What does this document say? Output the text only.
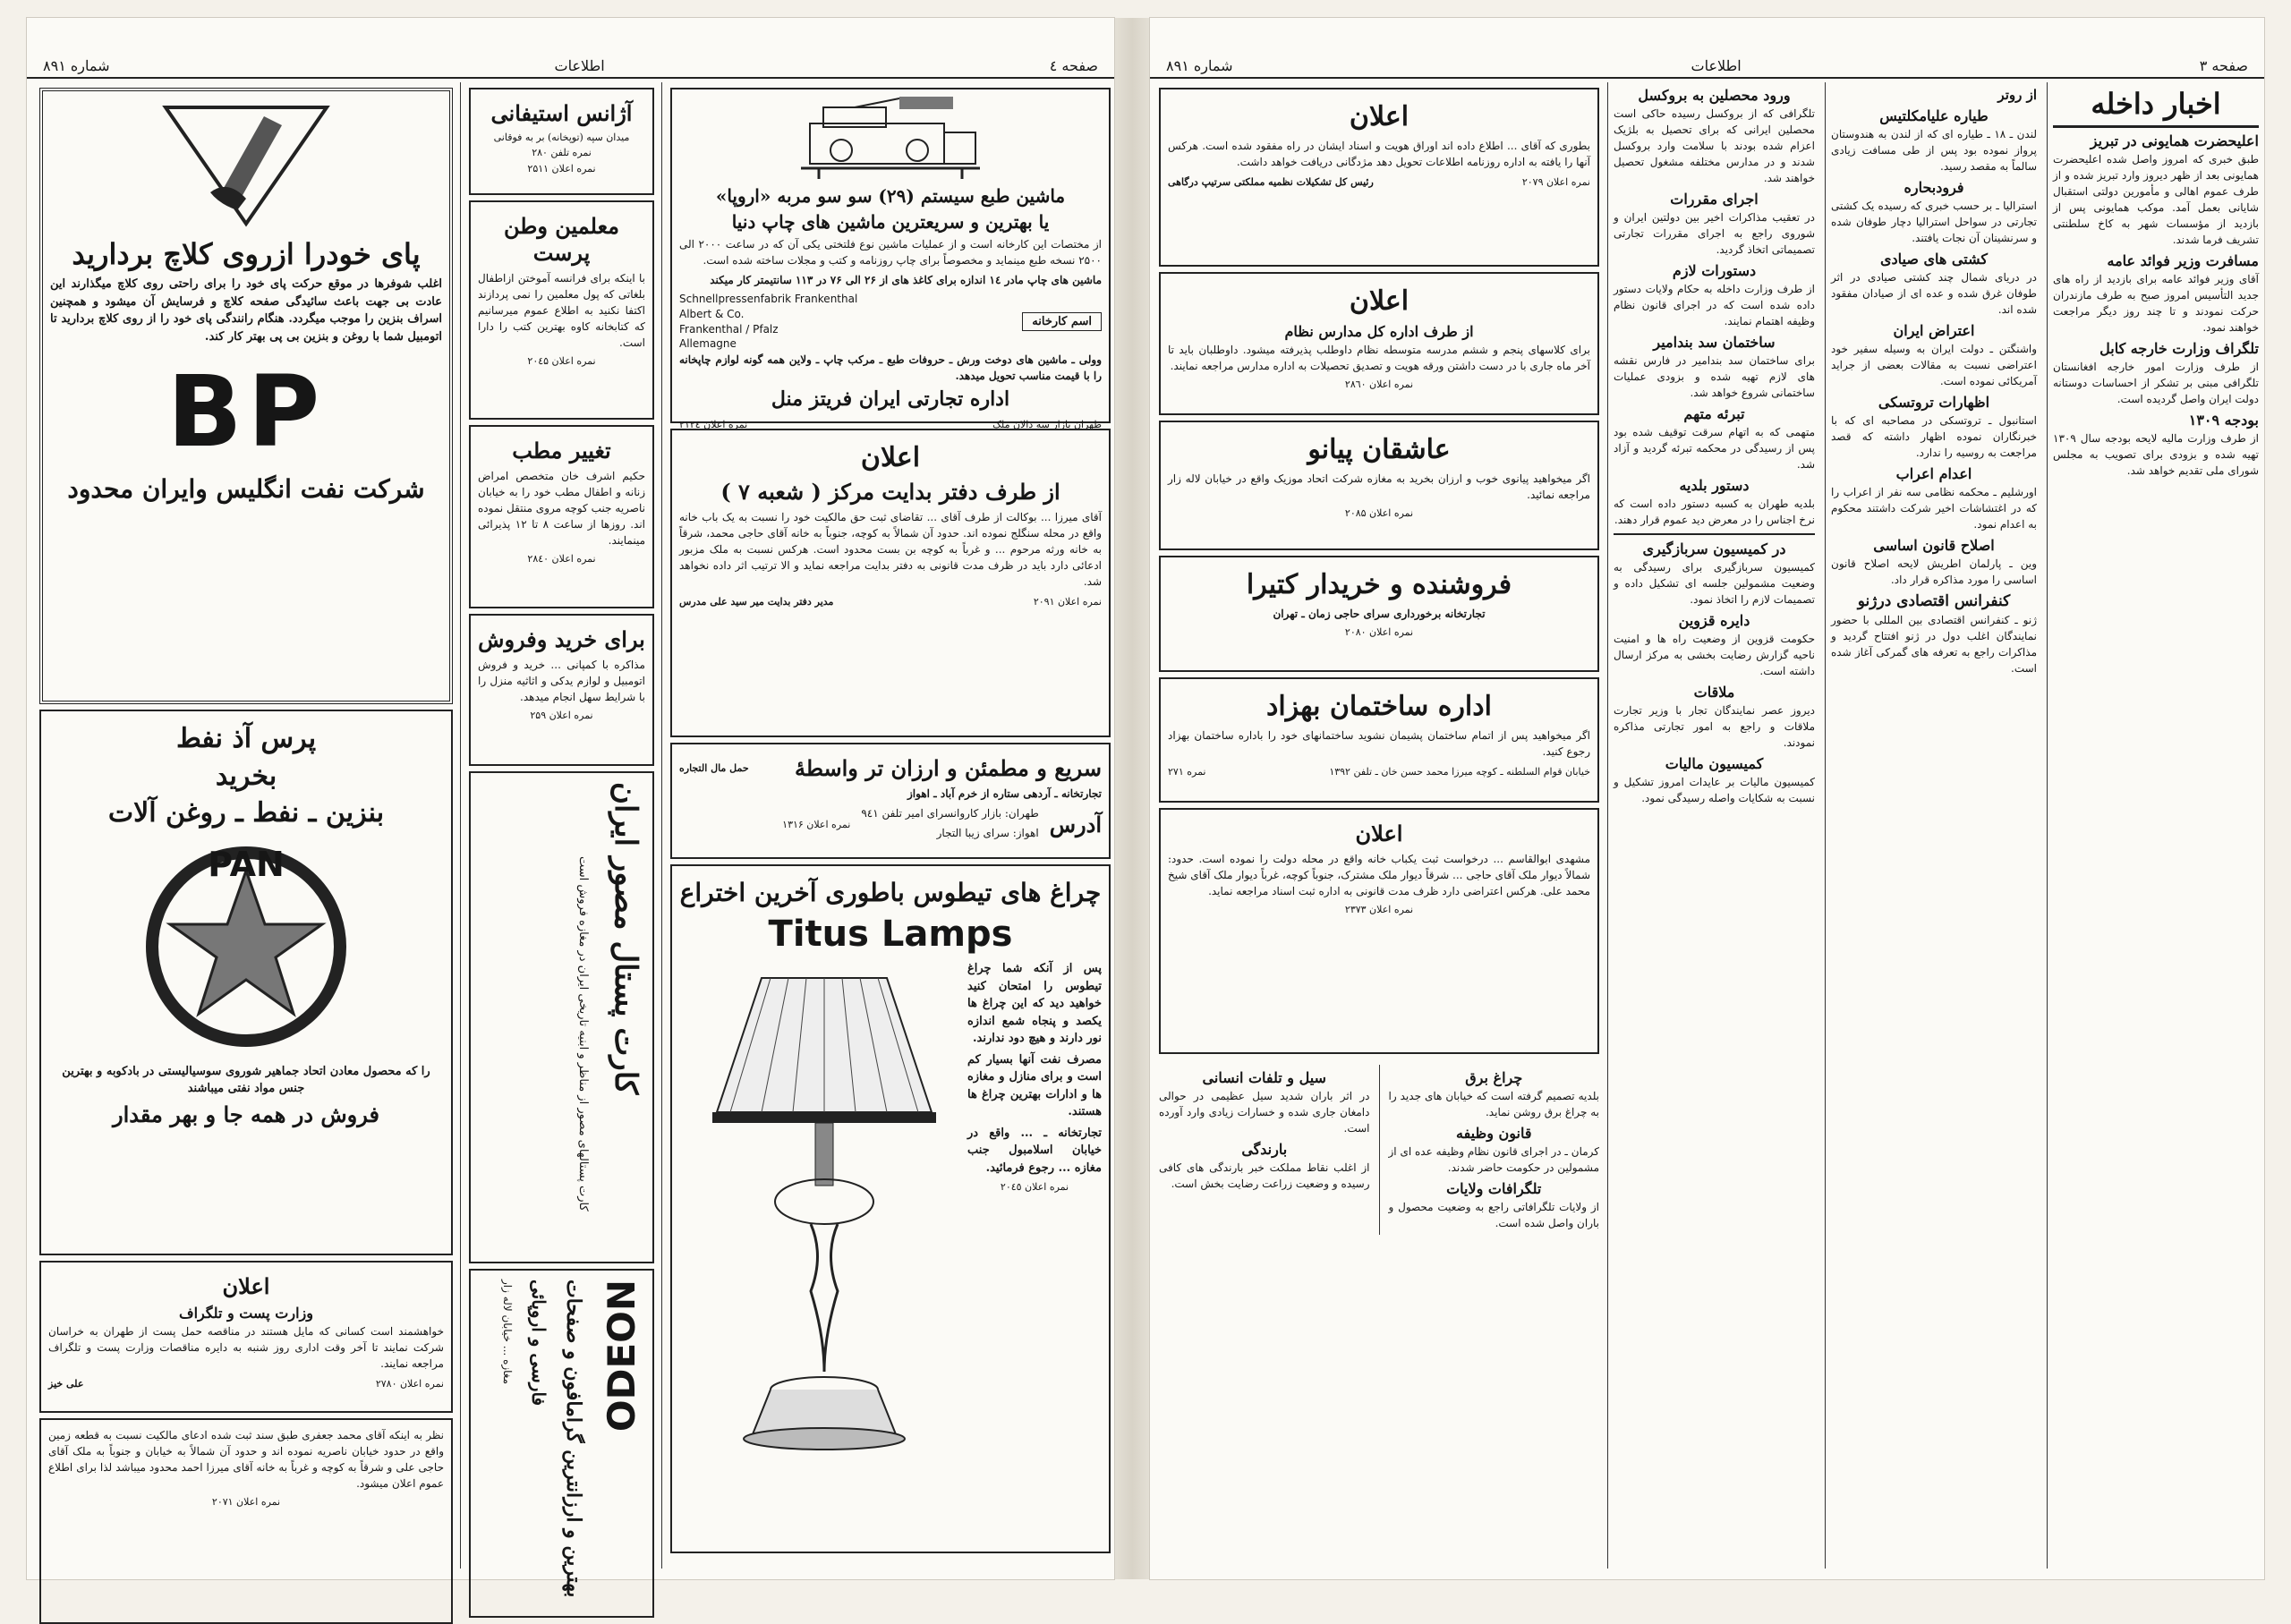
صفحه ٤
اطلاعات
شماره ۸۹۱
ماشین طبع سیستم (۲۹) سو سو مربه «اروپا»
یا بهترین و سریعترین ماشین های چاپ دنیا

از مختصات این کارخانه است و از عملیات ماشین نوع فلتختی یکی آن که در ساعت ۲۰۰۰ الی ۲۵۰۰ نسخه طبع مینماید و مخصوصاً برای چاپ روزنامه و کتب و مجلات ساخته شده است.

ماشین های چاپ مادر ۱٤ اندازه برای کاغذ های از ۲۶ الی ۷۶ در ۱۱۳ سانتیمتر کار میکند

اسم کارخانه
Schnellpressenfabrik Frankenthal
Albert & Co.
Frankenthal / Pfalz
Allemagne

وولی ـ ماشین های دوخت ورش ـ حروفات طبع ـ مرکب چاپ ـ ولاین همه گونه لوازم چاپخانه را با قیمت مناسب تحویل میدهد.

اداره تجارتی ایران فریتز منل
طهران بازار سه دالان ملک
نمره اعلان ۲۱۲٤
اعلان
از طرف دفتر بدایت مرکز ( شعبه ۷ )

آقای میرزا ... بوکالت از طرف آقای ... تقاضای ثبت حق مالکیت خود را نسبت به یک باب خانه واقع در محله سنگلج نموده اند. حدود آن شمالاً به کوچه، جنوباً به خانه آقای حاجی محمد، شرقاً به خانه ورثه مرحوم ... و غرباً به کوچه بن بست محدود است. هرکس نسبت به ملک مزبور ادعائی دارد باید در ظرف مدت قانونی به دفتر بدایت مراجعه نماید و الا ترتیب اثر داده نخواهد شد.

نمره اعلان ۲۰۹۱
مدیر دفتر بدایت میر سید علی مدرس
سریع و مطمئن و ارزان تر واسطهٔ
حمل مال التجاره

تجارتخانه ـ آردهی ستاره از خرم آباد ـ اهواز

آدرس
طهران: بازار کاروانسرای امیر تلفن ۹٤۱
اهواز: سرای زیبا التجار
نمره اعلان ۱۳۱۶
چراغ های تیطوس باطوری آخرین اختراع
Titus Lamps

پس از آنکه شما چراغ تیطوس را امتحان کنید خواهید دید که این چراغ ها یکصد و پنجاه شمع اندازه نور دارند و هیچ دود ندارند.

مصرف نفت آنها بسیار کم است و برای منازل و مغازه ها و ادارات بهترین چراغ ها هستند.

تجارتخانه ـ ... واقع در خیابان اسلامبول جنب مغازه ... رجوع فرمائید.

نمره اعلان ۲۰٤٥

آژانس استیفانی

میدان سپه (توپخانه) بر به فوقانی

نمره تلفن ۲۸۰

نمره اعلان ۲۵۱۱

معلمین وطن پرست

با اینکه برای فرانسه آموختن ازاطفال بلغاتی که پول معلمین را نمی پردازند اکتفا نکنید به اطلاع عموم میرسانیم که کتابخانه کاوه بهترین کتب را دارا است.

نمره اعلان ۲۰٤۵

تغییر مطب

حکیم اشرف خان متخصص امراض زنانه و اطفال مطب خود را به خیابان ناصریه جنب کوچه مروی منتقل نموده اند. روزها از ساعت ۸ تا ۱۲ پذیرائی مینمایند.

نمره اعلان ۲۸٤۰

برای خرید وفروش

مذاکره با کمپانی ... خرید و فروش اتومبیل و لوازم یدکی و اثاثیه منزل را با شرایط سهل انجام میدهد.

نمره اعلان ۲۵۹

کارت پستال مصور ایران
کارت پستالهای مصور از مناظر و ابنیه تاریخی ایران در مغازه فروش است
ODEON
بهترین و ارزانترین گرامافون و صفحات
فارسی و اروپائی
مغازه ... خیابان لاله زار
پای خودرا ازروی کلاچ بردارید

اغلب شوفرها در موقع حرکت پای خود را برای راحتی روی کلاچ میگذارند این عادت بی جهت باعث سائیدگی صفحه کلاچ و فرسایش آن میشود و همچنین اسراف بنزین را موجب میگردد. هنگام رانندگی پای خود را از روی کلاچ بردارید تا اتومبیل شما با روغن و بنزین بی پی بهتر کار کند.

BP
شرکت نفت انگلیس وایران محدود
پرس آذ نفط
بخرید
بنزین ـ نفط ـ روغن آلات
PAN

را که محصول معادن اتحاد جماهیر شوروی سوسیالیستی در بادکوبه و بهترین جنس مواد نفتی میباشند

فروش در همه جا و بهر مقدار
اعلان
وزارت پست و تلگراف

خواهشمند است کسانی که مایل هستند در مناقصه حمل پست از طهران به خراسان شرکت نمایند تا آخر وقت اداری روز شنبه به دایره مناقصات وزارت پست و تلگراف مراجعه نمایند.

نمره اعلان ۲۷۸۰
علی خیز

نظر به اینکه آقای محمد جعفری طبق سند ثبت شده ادعای مالکیت نسبت به قطعه زمین واقع در حدود خیابان ناصریه نموده اند و حدود آن شمالاً به خیابان و جنوباً به ملک آقای حاجی علی و شرقاً به کوچه و غرباً به خانه آقای میرزا احمد محدود میباشد لذا برای اطلاع عموم اعلان میشود.

نمره اعلان ۲۰۷۱

صفحه ۳
اطلاعات
شماره ۸۹۱
اخبار داخله
اعلیحضرت همایونی در تبریز

طبق خبری که امروز واصل شده اعلیحضرت همایونی بعد از ظهر دیروز وارد تبریز شده و از طرف عموم اهالی و مأمورین دولتی استقبال شایانی بعمل آمد. موکب همایونی پس از بازدید از مؤسسات شهر به کاخ سلطنتی تشریف فرما شدند.

مسافرت وزیر فوائد عامه

آقای وزیر فوائد عامه برای بازدید از راه های جدید التأسیس امروز صبح به طرف مازندران حرکت نمودند و تا چند روز دیگر مراجعت خواهند نمود.

تلگراف وزارت خارجه کابل

از طرف وزارت امور خارجه افغانستان تلگرافی مبنی بر تشکر از احساسات دوستانه دولت ایران واصل گردیده است.

بودجه ۱۳۰۹

از طرف وزارت مالیه لایحه بودجه سال ۱۳۰۹ تهیه شده و بزودی برای تصویب به مجلس شورای ملی تقدیم خواهد شد.

از روتر
طیاره علیامکلتیس

لندن ـ ۱۸ ـ طیاره ای که از لندن به هندوستان پرواز نموده بود پس از طی مسافت زیادی سالماً به مقصد رسید.

فرودبحاره

استرالیا ـ بر حسب خبری که رسیده یک کشتی تجارتی در سواحل استرالیا دچار طوفان شده و سرنشینان آن نجات یافتند.

کشتی های صیادی

در دریای شمال چند کشتی صیادی در اثر طوفان غرق شده و عده ای از صیادان مفقود شده اند.

اعتراض ایران

واشنگتن ـ دولت ایران به وسیله سفیر خود اعتراضی نسبت به مقالات بعضی از جراید آمریکائی نموده است.

اظهارات تروتسکی

استانبول ـ تروتسکی در مصاحبه ای که با خبرنگاران نموده اظهار داشته که قصد مراجعت به روسیه را ندارد.

اعدام اعراب

اورشلیم ـ محکمه نظامی سه نفر از اعراب را که در اغتشاشات اخیر شرکت داشتند محکوم به اعدام نمود.

اصلاح قانون اساسی

وین ـ پارلمان اطریش لایحه اصلاح قانون اساسی را مورد مذاکره قرار داد.

کنفرانس اقتصادی درژنو

ژنو ـ کنفرانس اقتصادی بین المللی با حضور نمایندگان اغلب دول در ژنو افتتاح گردید و مذاکرات راجع به تعرفه های گمرکی آغاز شده است.

ورود محصلین به بروکسل

تلگرافی که از بروکسل رسیده حاکی است محصلین ایرانی که برای تحصیل به بلژیک اعزام شده بودند با سلامت وارد بروکسل شدند و در مدارس مختلفه مشغول تحصیل خواهند شد.

اجرای مقررات

در تعقیب مذاکرات اخیر بین دولتین ایران و شوروی راجع به اجرای مقررات تجارتی تصمیماتی اتخاذ گردید.

دستورات لازم

از طرف وزارت داخله به حکام ولایات دستور داده شده است که در اجرای قانون نظام وظیفه اهتمام نمایند.

ساختمان سد بندامیر

برای ساختمان سد بندامیر در فارس نقشه های لازم تهیه شده و بزودی عملیات ساختمانی شروع خواهد شد.

تبرئه متهم

متهمی که به اتهام سرقت توقیف شده بود پس از رسیدگی در محکمه تبرئه گردید و آزاد شد.

دستور بلدیه

بلدیه طهران به کسبه دستور داده است که نرخ اجناس را در معرض دید عموم قرار دهند.

در کمیسیون سربازگیری

کمیسیون سربازگیری برای رسیدگی به وضعیت مشمولین جلسه ای تشکیل داده و تصمیمات لازم را اتخاذ نمود.

دایره قزوین

حکومت قزوین از وضعیت راه ها و امنیت ناحیه گزارش رضایت بخشی به مرکز ارسال داشته است.

ملاقات

دیروز عصر نمایندگان تجار با وزیر تجارت ملاقات و راجع به امور تجارتی مذاکره نمودند.

کمیسیون مالیات

کمیسیون مالیات بر عایدات امروز تشکیل و نسبت به شکایات واصله رسیدگی نمود.

اعلان

بطوری که آقای ... اطلاع داده اند اوراق هویت و اسناد ایشان در راه مفقود شده است. هرکس آنها را یافته به اداره روزنامه اطلاعات تحویل دهد مژدگانی دریافت خواهد داشت.

نمره اعلان ۲۰۷۹
رئیس کل تشکیلات نظمیه مملکتی سرتیپ درگاهی
اعلان
از طرف اداره کل مدارس نظام

برای کلاسهای پنجم و ششم مدرسه متوسطه نظام داوطلب پذیرفته میشود. داوطلبان باید تا آخر ماه جاری با در دست داشتن ورقه هویت و تصدیق تحصیلات به اداره مدارس مراجعه نمایند.

نمره اعلان ۲۸٦۰

عاشقان پیانو

اگر میخواهید پیانوی خوب و ارزان بخرید به مغازه شرکت اتحاد موزیک واقع در خیابان لاله زار مراجعه نمائید.

نمره اعلان ۲۰۸۵

فروشنده و خریدار کتیرا

تجارتخانه برخورداری سرای حاجی زمان ـ تهران

نمره اعلان ۲۰۸۰

اداره ساختمان بهزاد

اگر میخواهید پس از اتمام ساختمان پشیمان نشوید ساختمانهای خود را باداره ساختمان بهزاد رجوع کنید.

خیابان قوام السلطنه ـ کوچه میرزا محمد حسن خان ـ تلفن ۱۳۹۲
نمره ۲۷۱
اعلان

مشهدی ابوالقاسم ... درخواست ثبت یکباب خانه واقع در محله دولت را نموده است. حدود: شمالاً دیوار ملک آقای حاجی ... شرقاً دیوار ملک مشترک، جنوباً کوچه، غرباً دیوار ملک آقای شیخ محمد علی. هرکس اعتراضی دارد ظرف مدت قانونی به اداره ثبت اسناد مراجعه نماید.

نمره اعلان ۲۳۷۳

چراغ برق

بلدیه تصمیم گرفته است که خیابان های جدید را به چراغ برق روشن نماید.

قانون وظیفه

کرمان ـ در اجرای قانون نظام وظیفه عده ای از مشمولین در حکومت حاضر شدند.

تلگرافات ولایات

از ولایات تلگرافاتی راجع به وضعیت محصول و باران واصل شده است.

سیل و تلفات انسانی

در اثر باران شدید سیل عظیمی در حوالی دامغان جاری شده و خسارات زیادی وارد آورده است.

بارندگی

از اغلب نقاط مملکت خبر بارندگی های کافی رسیده و وضعیت زراعت رضایت بخش است.
